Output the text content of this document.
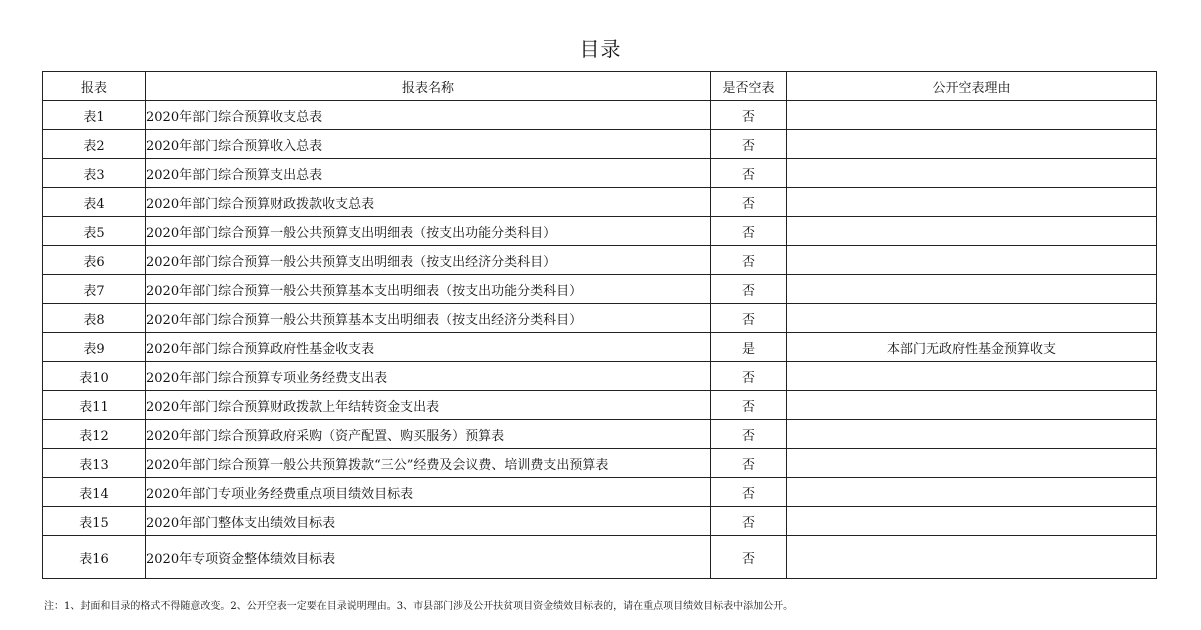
目录
报表	报表名称	是否空表	公开空表理由
表1	2020年部门综合预算收支总表	否	
表2	2020年部门综合预算收入总表	否	
表3	2020年部门综合预算支出总表	否	
表4	2020年部门综合预算财政拨款收支总表	否	
表5	2020年部门综合预算一般公共预算支出明细表（按支出功能分类科目）	否	
表6	2020年部门综合预算一般公共预算支出明细表（按支出经济分类科目）	否	
表7	2020年部门综合预算一般公共预算基本支出明细表（按支出功能分类科目）	否	
表8	2020年部门综合预算一般公共预算基本支出明细表（按支出经济分类科目）	否	
表9	2020年部门综合预算政府性基金收支表	是	本部门无政府性基金预算收支
表10	2020年部门综合预算专项业务经费支出表	否	
表11	2020年部门综合预算财政拨款上年结转资金支出表	否	
表12	2020年部门综合预算政府采购（资产配置、购买服务）预算表	否	
表13	2020年部门综合预算一般公共预算拨款“三公”经费及会议费、培训费支出预算表	否	
表14	2020年部门专项业务经费重点项目绩效目标表	否	
表15	2020年部门整体支出绩效目标表	否	
表16	2020年专项资金整体绩效目标表	否	
注：1、封面和目录的格式不得随意改变。2、公开空表一定要在目录说明理由。3、市县部门涉及公开扶贫项目资金绩效目标表的，请在重点项目绩效目标表中添加公开。
